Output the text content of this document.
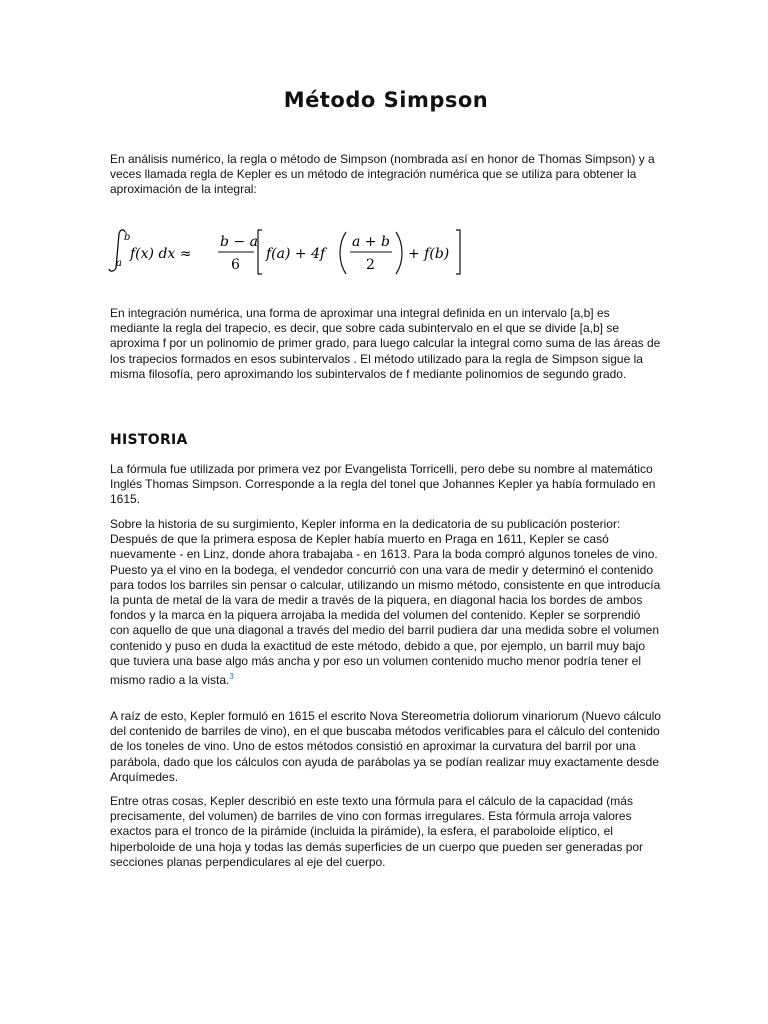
Método Simpson

En análisis numérico, la regla o método de Simpson (nombrada así en honor de Thomas Simpson) y a veces llamada regla de Kepler es un método de integración numérica que se utiliza para obtener la aproximación de la integral:

b
a
f(x) dx ≈
b − a
6
f(a) + 4f
a + b
2
+ f(b)

En integración numérica, una forma de aproximar una integral definida en un intervalo [a,b] es mediante la regla del trapecio, es decir, que sobre cada subintervalo en el que se divide [a,b] se aproxima f por un polinomio de primer grado, para luego calcular la integral como suma de las áreas de los trapecios formados en esos subintervalos . El método utilizado para la regla de Simpson sigue la misma filosofía, pero aproximando los subintervalos de f mediante polinomios de segundo grado.

HISTORIA

La fórmula fue utilizada por primera vez por Evangelista Torricelli, pero debe su nombre al matemático Inglés Thomas Simpson. Corresponde a la regla del tonel que Johannes Kepler ya había formulado en 1615.

Sobre la historia de su surgimiento, Kepler informa en la dedicatoria de su publicación posterior: Después de que la primera esposa de Kepler había muerto en Praga en 1611, Kepler se casó nuevamente - en Linz, donde ahora trabajaba - en 1613. Para la boda compró algunos toneles de vino. Puesto ya el vino en la bodega, el vendedor concurrió con una vara de medir y determinó el contenido para todos los barriles sin pensar o calcular, utilizando un mismo método, consistente en que introducía la punta de metal de la vara de medir a través de la piquera, en diagonal hacia los bordes de ambos fondos y la marca en la piquera arrojaba la medida del volumen del contenido. Kepler se sorprendió con aquello de que una diagonal a través del medio del barril pudiera dar una medida sobre el volumen contenido y puso en duda la exactitud de este método, debido a que, por ejemplo, un barril muy bajo que tuviera una base algo más ancha y por eso un volumen contenido mucho menor podría tener el mismo radio a la vista.$^3$

A raíz de esto, Kepler formuló en 1615 el escrito Nova Stereometria doliorum vinariorum (Nuevo cálculo del contenido de barriles de vino), en el que buscaba métodos verificables para el cálculo del contenido de los toneles de vino. Uno de estos métodos consistió en aproximar la curvatura del barril por una parábola, dado que los cálculos con ayuda de parábolas ya se podían realizar muy exactamente desde Arquímedes.

Entre otras cosas, Kepler describió en este texto una fórmula para el cálculo de la capacidad (más precisamente, del volumen) de barriles de vino con formas irregulares. Esta fórmula arroja valores exactos para el tronco de la pirámide (incluida la pirámide), la esfera, el paraboloide elíptico, el hiperboloide de una hoja y todas las demás superficies de un cuerpo que pueden ser generadas por secciones planas perpendiculares al eje del cuerpo.
